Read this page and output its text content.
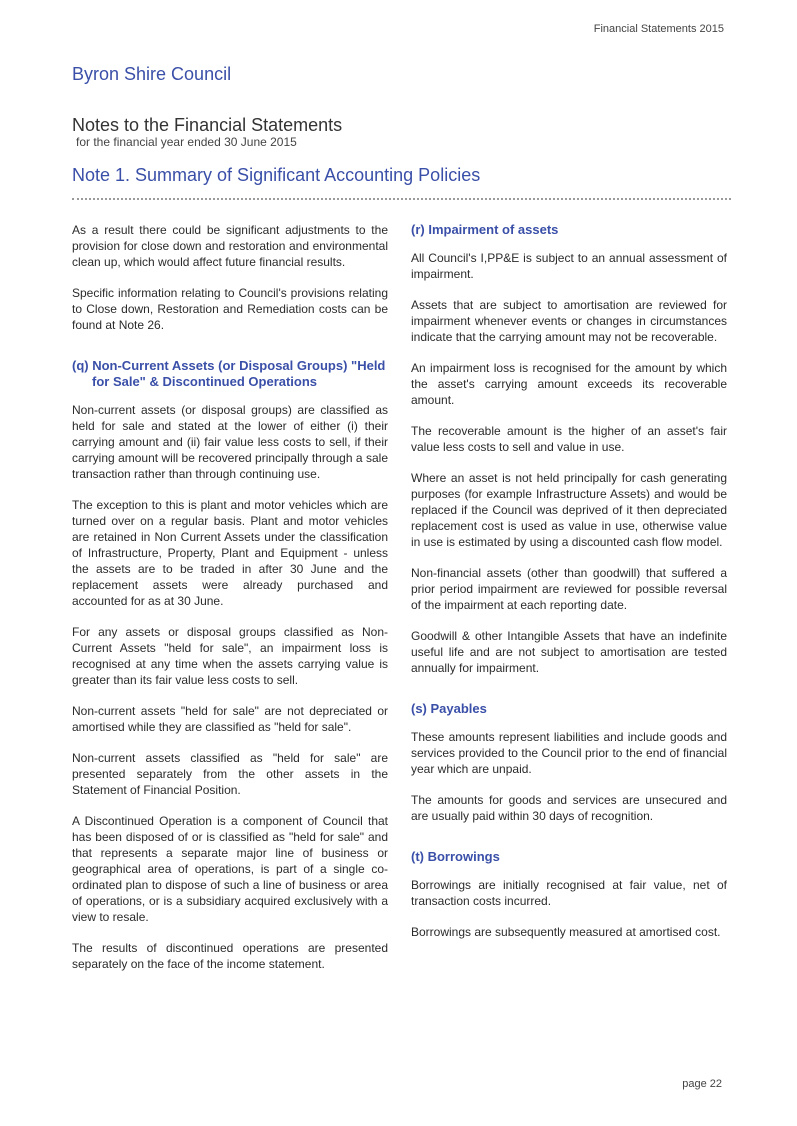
Financial Statements 2015
Byron Shire Council
Notes to the Financial Statements
for the financial year ended 30 June 2015
Note 1. Summary of Significant Accounting Policies

As a result there could be significant adjustments to the provision for close down and restoration and environmental clean up, which would affect future financial results.

Specific information relating to Council's provisions relating to Close down, Restoration and Remediation costs can be found at Note 26.

(q) Non-Current Assets (or Disposal Groups) "Held for Sale" & Discontinued Operations

Non-current assets (or disposal groups) are classified as held for sale and stated at the lower of either (i) their carrying amount and (ii) fair value less costs to sell, if their carrying amount will be recovered principally through a sale transaction rather than through continuing use.

The exception to this is plant and motor vehicles which are turned over on a regular basis. Plant and motor vehicles are retained in Non Current Assets under the classification of Infrastructure, Property, Plant and Equipment - unless the assets are to be traded in after 30 June and the replacement assets were already purchased and accounted for as at 30 June.

For any assets or disposal groups classified as Non-Current Assets "held for sale", an impairment loss is recognised at any time when the assets carrying value is greater than its fair value less costs to sell.

Non-current assets "held for sale" are not depreciated or amortised while they are classified as "held for sale".

Non-current assets classified as "held for sale" are presented separately from the other assets in the Statement of Financial Position.

A Discontinued Operation is a component of Council that has been disposed of or is classified as "held for sale" and that represents a separate major line of business or geographical area of operations, is part of a single co-ordinated plan to dispose of such a line of business or area of operations, or is a subsidiary acquired exclusively with a view to resale.

The results of discontinued operations are presented separately on the face of the income statement.

(r) Impairment of assets

All Council's I,PP&E is subject to an annual assessment of impairment.

Assets that are subject to amortisation are reviewed for impairment whenever events or changes in circumstances indicate that the carrying amount may not be recoverable.

An impairment loss is recognised for the amount by which the asset's carrying amount exceeds its recoverable amount.

The recoverable amount is the higher of an asset's fair value less costs to sell and value in use.

Where an asset is not held principally for cash generating purposes (for example Infrastructure Assets) and would be replaced if the Council was deprived of it then depreciated replacement cost is used as value in use, otherwise value in use is estimated by using a discounted cash flow model.

Non-financial assets (other than goodwill) that suffered a prior period impairment are reviewed for possible reversal of the impairment at each reporting date.

Goodwill & other Intangible Assets that have an indefinite useful life and are not subject to amortisation are tested annually for impairment.

(s) Payables

These amounts represent liabilities and include goods and services provided to the Council prior to the end of financial year which are unpaid.

The amounts for goods and services are unsecured and are usually paid within 30 days of recognition.

(t) Borrowings

Borrowings are initially recognised at fair value, net of transaction costs incurred.

Borrowings are subsequently measured at amortised cost.

page 22
